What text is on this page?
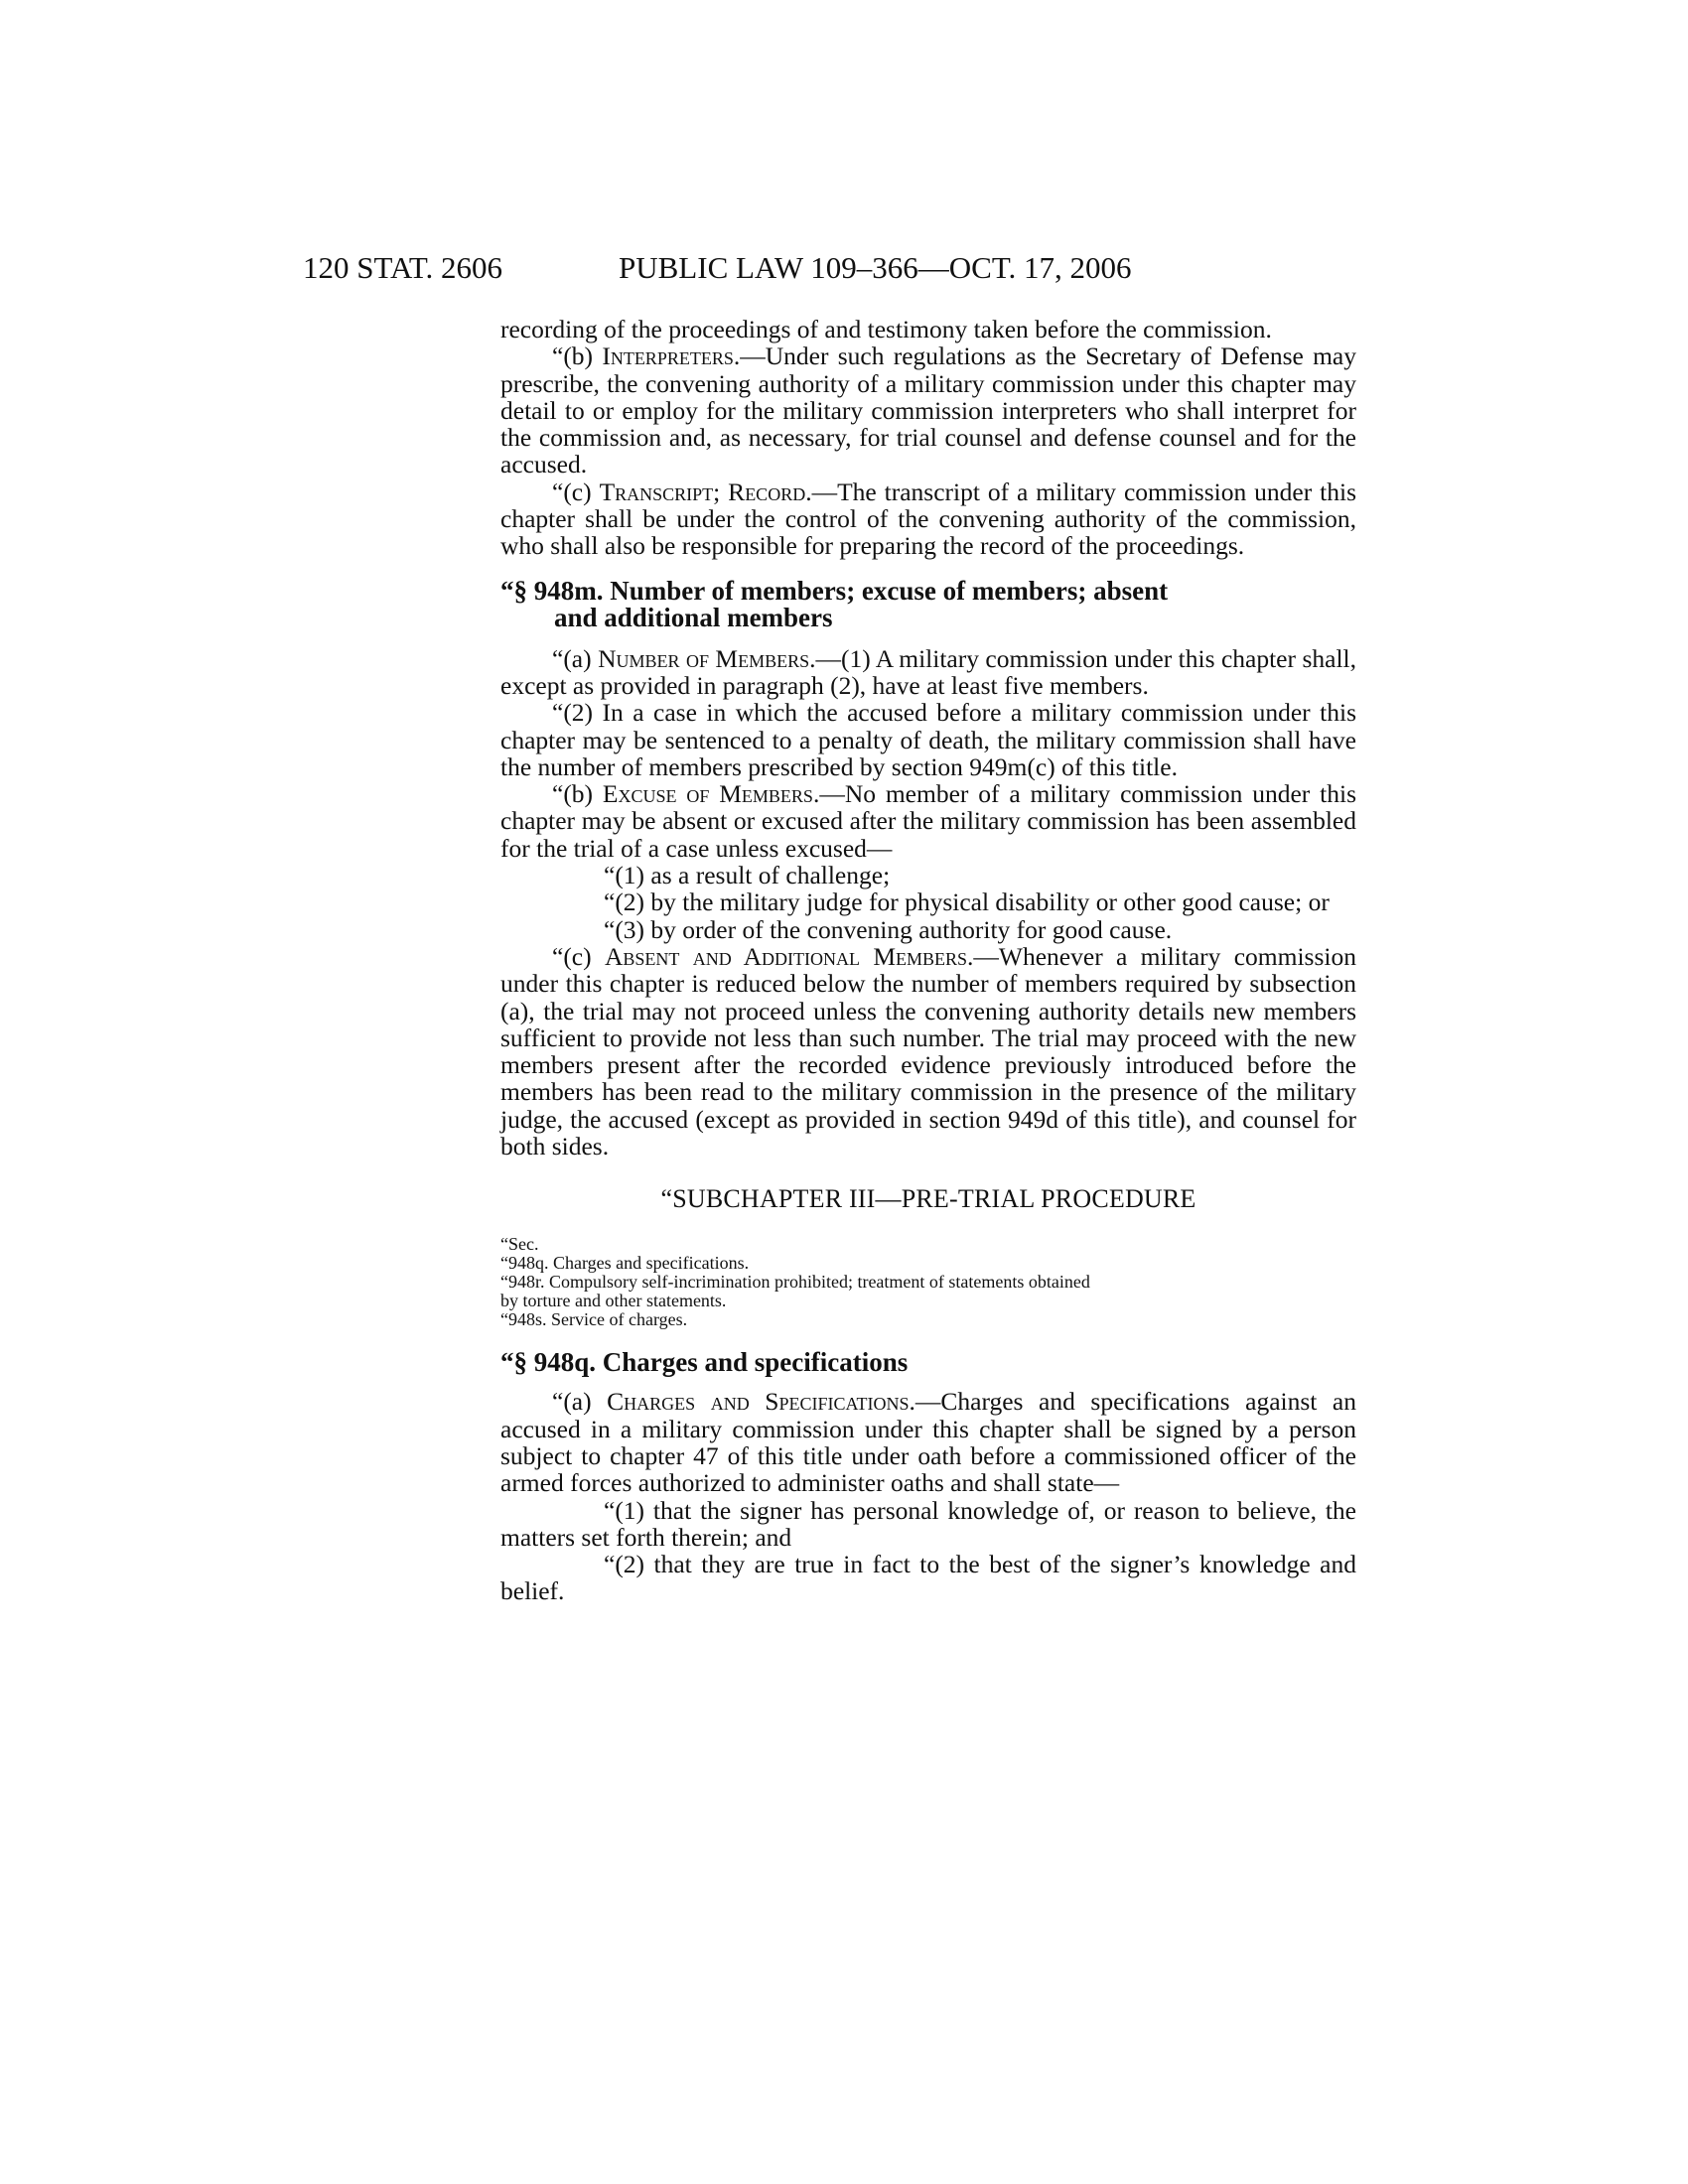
120 STAT. 2606	PUBLIC LAW 109–366—OCT. 17, 2006

recording of the proceedings of and testimony taken before the commission.

“(b) Interpreters.—Under such regulations as the Secretary of Defense may prescribe, the convening authority of a military commission under this chapter may detail to or employ for the military commission interpreters who shall interpret for the commission and, as necessary, for trial counsel and defense counsel and for the accused.

“(c) Transcript; Record.—The transcript of a military commission under this chapter shall be under the control of the convening authority of the commission, who shall also be responsible for preparing the record of the proceedings.

“§ 948m. Number of members; excuse of members; absent
and additional members

“(a) Number of Members.—(1) A military commission under this chapter shall, except as provided in paragraph (2), have at least five members.

“(2) In a case in which the accused before a military commission under this chapter may be sentenced to a penalty of death, the military commission shall have the number of members prescribed by section 949m(c) of this title.

“(b) Excuse of Members.—No member of a military commission under this chapter may be absent or excused after the military commission has been assembled for the trial of a case unless excused—

“(1) as a result of challenge;

“(2) by the military judge for physical disability or other good cause; or

“(3) by order of the convening authority for good cause.

“(c) Absent and Additional Members.—Whenever a military commission under this chapter is reduced below the number of members required by subsection (a), the trial may not proceed unless the convening authority details new members sufficient to provide not less than such number. The trial may proceed with the new members present after the recorded evidence previously introduced before the members has been read to the military commission in the presence of the military judge, the accused (except as provided in section 949d of this title), and counsel for both sides.

“SUBCHAPTER III—PRE-TRIAL PROCEDURE
“Sec.
“948q. Charges and specifications.
“948r. Compulsory self-incrimination prohibited; treatment of statements obtained
by torture and other statements.
“948s. Service of charges.
“§ 948q. Charges and specifications

“(a) Charges and Specifications.—Charges and specifications against an accused in a military commission under this chapter shall be signed by a person subject to chapter 47 of this title under oath before a commissioned officer of the armed forces authorized to administer oaths and shall state—

“(1) that the signer has personal knowledge of, or reason to believe, the matters set forth therein; and

“(2) that they are true in fact to the best of the signer’s knowledge and belief.
